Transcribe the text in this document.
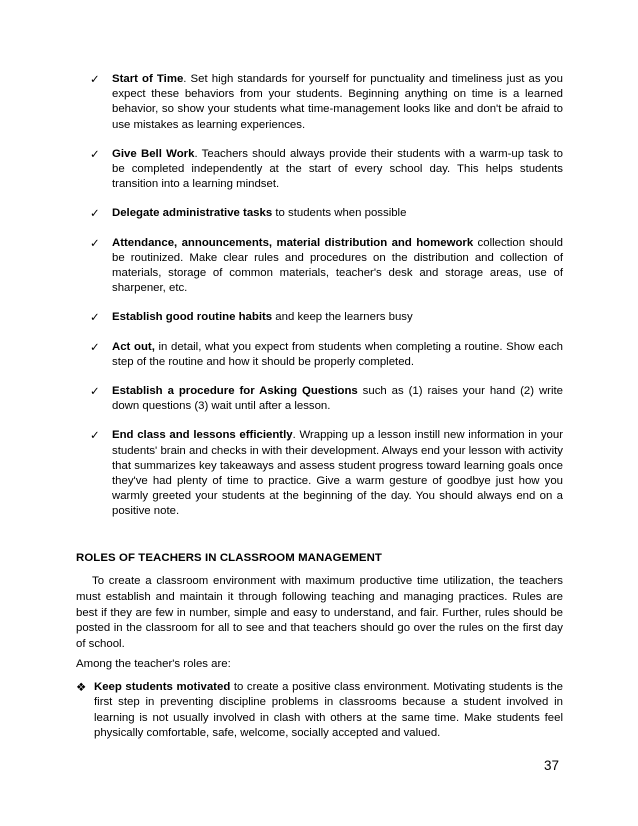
✓ Start of Time. Set high standards for yourself for punctuality and timeliness just as you expect these behaviors from your students. Beginning anything on time is a learned behavior, so show your students what time-management looks like and don't be afraid to use mistakes as learning experiences.
✓ Give Bell Work. Teachers should always provide their students with a warm-up task to be completed independently at the start of every school day. This helps students transition into a learning mindset.
✓ Delegate administrative tasks to students when possible
✓ Attendance, announcements, material distribution and homework collection should be routinized. Make clear rules and procedures on the distribution and collection of materials, storage of common materials, teacher's desk and storage areas, use of sharpener, etc.
✓ Establish good routine habits and keep the learners busy
✓ Act out, in detail, what you expect from students when completing a routine. Show each step of the routine and how it should be properly completed.
✓ Establish a procedure for Asking Questions such as (1) raises your hand (2) write down questions (3) wait until after a lesson.
✓ End class and lessons efficiently. Wrapping up a lesson instill new information in your students' brain and checks in with their development. Always end your lesson with activity that summarizes key takeaways and assess student progress toward learning goals once they've had plenty of time to practice. Give a warm gesture of goodbye just how you warmly greeted your students at the beginning of the day. You should always end on a positive note.
ROLES OF TEACHERS IN CLASSROOM MANAGEMENT

To create a classroom environment with maximum productive time utilization, the teachers must establish and maintain it through following teaching and managing practices. Rules are best if they are few in number, simple and easy to understand, and fair. Further, rules should be posted in the classroom for all to see and that teachers should go over the rules on the first day of school.

Among the teacher's roles are:

❖ Keep students motivated to create a positive class environment. Motivating students is the first step in preventing discipline problems in classrooms because a student involved in learning is not usually involved in clash with others at the same time. Make students feel physically comfortable, safe, welcome, socially accepted and valued.
37
